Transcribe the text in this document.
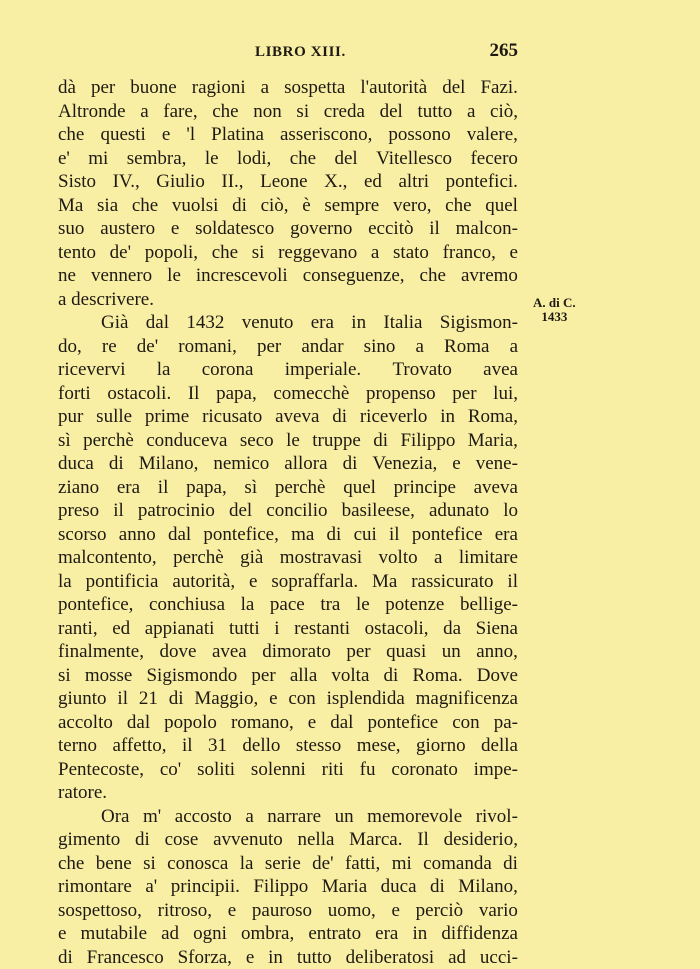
LIBRO XIII.	265
A. di C.
1433
dà per buone ragioni a sospetta l'autorità del Fazi.
Altronde a fare, che non si creda del tutto a ciò,
che questi e 'l Platina asseriscono, possono valere,
e' mi sembra, le lodi, che del Vitellesco fecero
Sisto IV., Giulio II., Leone X., ed altri pontefici.
Ma sia che vuolsi di ciò, è sempre vero, che quel
suo austero e soldatesco governo eccitò il malcon-
tento de' popoli, che si reggevano a stato franco, e
ne vennero le increscevoli conseguenze, che avremo
a descrivere.
Già dal 1432 venuto era in Italia Sigismon-
do, re de' romani, per andar sino a Roma a
ricevervi la corona imperiale. Trovato avea
forti ostacoli. Il papa, comecchè propenso per lui,
pur sulle prime ricusato aveva di riceverlo in Roma,
sì perchè conduceva seco le truppe di Filippo Maria,
duca di Milano, nemico allora di Venezia, e vene-
ziano era il papa, sì perchè quel principe aveva
preso il patrocinio del concilio basileese, adunato lo
scorso anno dal pontefice, ma di cui il pontefice era
malcontento, perchè già mostravasi volto a limitare
la pontificia autorità, e sopraffarla. Ma rassicurato il
pontefice, conchiusa la pace tra le potenze bellige-
ranti, ed appianati tutti i restanti ostacoli, da Siena
finalmente, dove avea dimorato per quasi un anno,
si mosse Sigismondo per alla volta di Roma. Dove
giunto il 21 di Maggio, e con isplendida magnificenza
accolto dal popolo romano, e dal pontefice con pa-
terno affetto, il 31 dello stesso mese, giorno della
Pentecoste, co' soliti solenni riti fu coronato impe-
ratore.
Ora m' accosto a narrare un memorevole rivol-
gimento di cose avvenuto nella Marca. Il desiderio,
che bene si conosca la serie de' fatti, mi comanda di
rimontare a' principii. Filippo Maria duca di Milano,
sospettoso, ritroso, e pauroso uomo, e perciò vario
e mutabile ad ogni ombra, entrato era in diffidenza
di Francesco Sforza, e in tutto deliberatosi ad ucci-
